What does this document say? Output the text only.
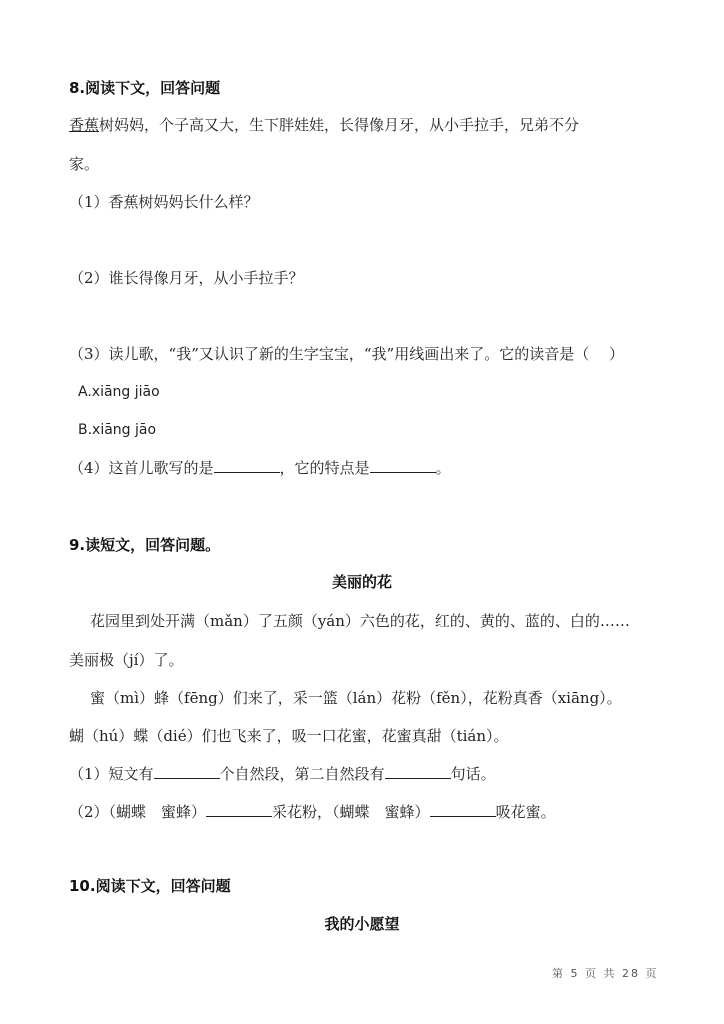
8.阅读下文，回答问题
香蕉树妈妈，个子高又大，生下胖娃娃，长得像月牙，从小手拉手，兄弟不分
家。
（1）香蕉树妈妈长什么样？
（2）谁长得像月牙，从小手拉手？
（3）读儿歌，“我”又认识了新的生字宝宝，“我”用线画出来了。它的读音是（　 ）
A.xiāng jiāo
B.xiāng jāo
（4）这首儿歌写的是	，它的特点是	。
9.读短文，回答问题。
美丽的花
花园里到处开满（mǎn）了五颜（yán）六色的花，红的、黄的、蓝的、白的……
美丽极（jí）了。
蜜（mì）蜂（fēng）们来了，采一篮（lán）花粉（fěn），花粉真香（xiāng）。
蝴（hú）蝶（dié）们也飞来了，吸一口花蜜，花蜜真甜（tián）。
（1）短文有	个自然段，第二自然段有	句话。
（2）（蝴蝶　蜜蜂）	采花粉，（蝴蝶　蜜蜂）	吸花蜜。
10.阅读下文，回答问题
我的小愿望
第 5 页 共 28 页
